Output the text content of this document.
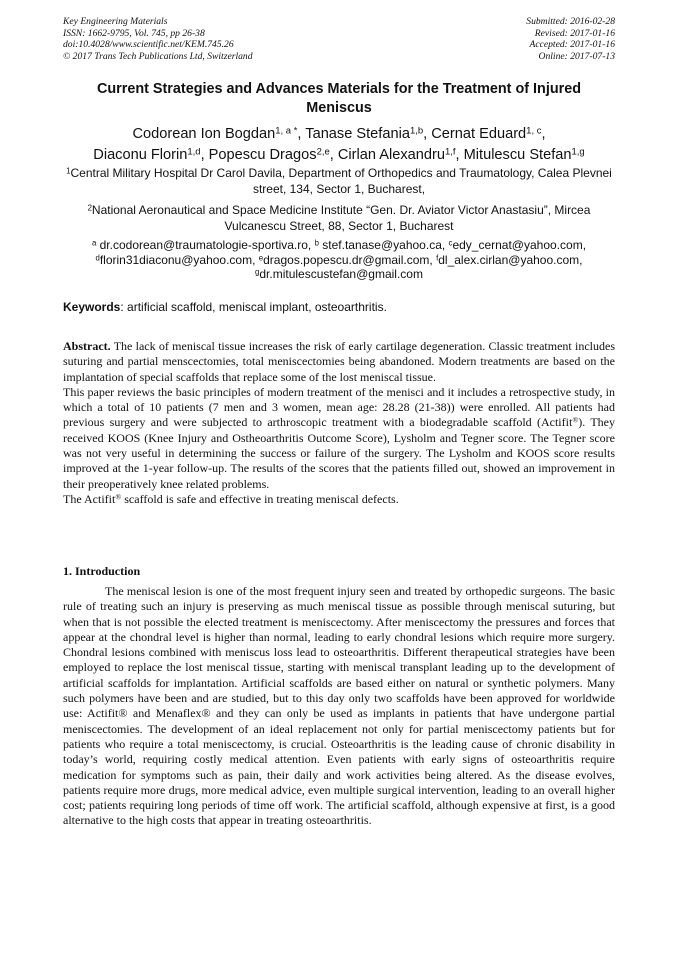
Key Engineering Materials
ISSN: 1662-9795, Vol. 745, pp 26-38
doi:10.4028/www.scientific.net/KEM.745.26
© 2017 Trans Tech Publications Ltd, Switzerland
Submitted: 2016-02-28
Revised: 2017-01-16
Accepted: 2017-01-16
Online: 2017-07-13
Current Strategies and Advances Materials for the Treatment of Injured Meniscus
Codorean Ion Bogdan$^{1, a *}$, Tanase Stefania$^{1,b}$, Cernat Eduard$^{1, c}$,
Diaconu Florin$^{1,d}$, Popescu Dragos$^{2,e}$, Cirlan Alexandru$^{1,f}$, Mitulescu Stefan$^{1,g}$
$^1$Central Military Hospital Dr Carol Davila, Department of Orthopedics and Traumatology, Calea Plevnei street, 134, Sector 1, Bucharest,
$^2$National Aeronautical and Space Medicine Institute “Gen. Dr. Aviator Victor Anastasiu”, Mircea Vulcanescu Street, 88, Sector 1, Bucharest
$^a$ dr.codorean@traumatologie-sportiva.ro, $^b$ stef.tanase@yahoo.ca, $^c$edy_cernat@yahoo.com,
$^d$florin31diaconu@yahoo.com, $^e$dragos.popescu.dr@gmail.com, $^f$dl_alex.cirlan@yahoo.com,
$^g$dr.mitulescustefan@gmail.com
Keywords: artificial scaffold, meniscal implant, osteoarthritis.

Abstract. The lack of meniscal tissue increases the risk of early cartilage degeneration. Classic treatment includes suturing and partial menscectomies, total meniscectomies being abandoned. Modern treatments are based on the implantation of special scaffolds that replace some of the lost meniscal tissue.

This paper reviews the basic principles of modern treatment of the menisci and it includes a retrospective study, in which a total of 10 patients (7 men and 3 women, mean age: 28.28 (21-38)) were enrolled. All patients had previous surgery and were subjected to arthroscopic treatment with a biodegradable scaffold (Actifit®). They received KOOS (Knee Injury and Ostheoarthritis Outcome Score), Lysholm and Tegner score. The Tegner score was not very useful in determining the success or failure of the surgery. The Lysholm and KOOS score results improved at the 1-year follow-up. The results of the scores that the patients filled out, showed an improvement in their preoperatively knee related problems.

The Actifit® scaffold is safe and effective in treating meniscal defects.

1. Introduction

The meniscal lesion is one of the most frequent injury seen and treated by orthopedic surgeons. The basic rule of treating such an injury is preserving as much meniscal tissue as possible through meniscal suturing, but when that is not possible the elected treatment is meniscectomy. After meniscectomy the pressures and forces that appear at the chondral level is higher than normal, leading to early chondral lesions which require more surgery. Chondral lesions combined with meniscus loss lead to osteoarthritis. Different therapeutical strategies have been employed to replace the lost meniscal tissue, starting with meniscal transplant leading up to the development of artificial scaffolds for implantation. Artificial scaffolds are based either on natural or synthetic polymers. Many such polymers have been and are studied, but to this day only two scaffolds have been approved for worldwide use: Actifit® and Menaflex® and they can only be used as implants in patients that have undergone partial meniscectomies. The development of an ideal replacement not only for partial meniscectomy patients but for patients who require a total meniscectomy, is crucial. Osteoarthritis is the leading cause of chronic disability in today’s world, requiring costly medical attention. Even patients with early signs of osteoarthritis require medication for symptoms such as pain, their daily and work activities being altered. As the disease evolves, patients require more drugs, more medical advice, even multiple surgical intervention, leading to an overall higher cost; patients requiring long periods of time off work. The artificial scaffold, although expensive at first, is a good alternative to the high costs that appear in treating osteoarthritis.
